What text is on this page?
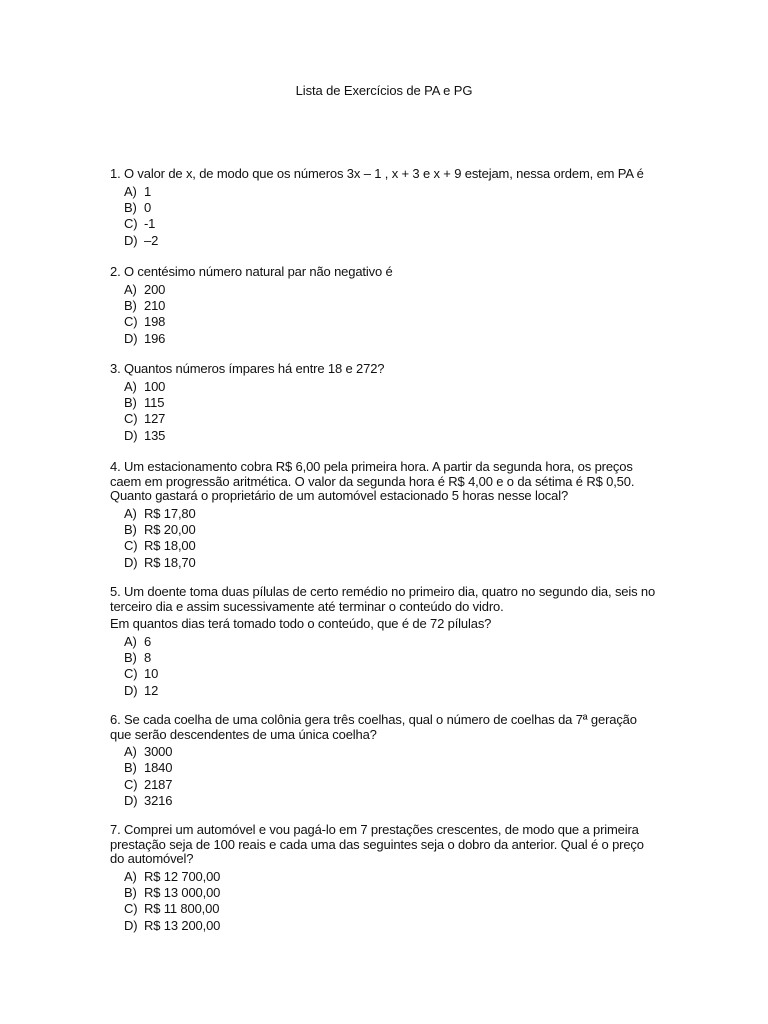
Lista de Exercícios de PA e PG

1. O valor de x, de modo que os números 3x – 1 , x + 3 e x + 9 estejam, nessa ordem, em PA é

A) 1
B) 0
C) -1
D) –2

2. O centésimo número natural par não negativo é

A) 200
B) 210
C) 198
D) 196

3. Quantos números ímpares há entre 18 e 272?

A) 100
B) 115
C) 127
D) 135

4. Um estacionamento cobra R$ 6,00 pela primeira hora. A partir da segunda hora, os preços caem em progressão aritmética. O valor da segunda hora é R$ 4,00 e o da sétima é R$ 0,50. Quanto gastará o proprietário de um automóvel estacionado 5 horas nesse local?

A) R$ 17,80
B) R$ 20,00
C) R$ 18,00
D) R$ 18,70

5. Um doente toma duas pílulas de certo remédio no primeiro dia, quatro no segundo dia, seis no terceiro dia e assim sucessivamente até terminar o conteúdo do vidro.

Em quantos dias terá tomado todo o conteúdo, que é de 72 pílulas?

A) 6
B) 8
C) 10
D) 12

6. Se cada coelha de uma colônia gera três coelhas, qual o número de coelhas da 7ª geração que serão descendentes de uma única coelha?

A) 3000
B) 1840
C) 2187
D) 3216

7. Comprei um automóvel e vou pagá-lo em 7 prestações crescentes, de modo que a primeira prestação seja de 100 reais e cada uma das seguintes seja o dobro da anterior. Qual é o preço do automóvel?

A) R$ 12 700,00
B) R$ 13 000,00
C) R$ 11 800,00
D) R$ 13 200,00
